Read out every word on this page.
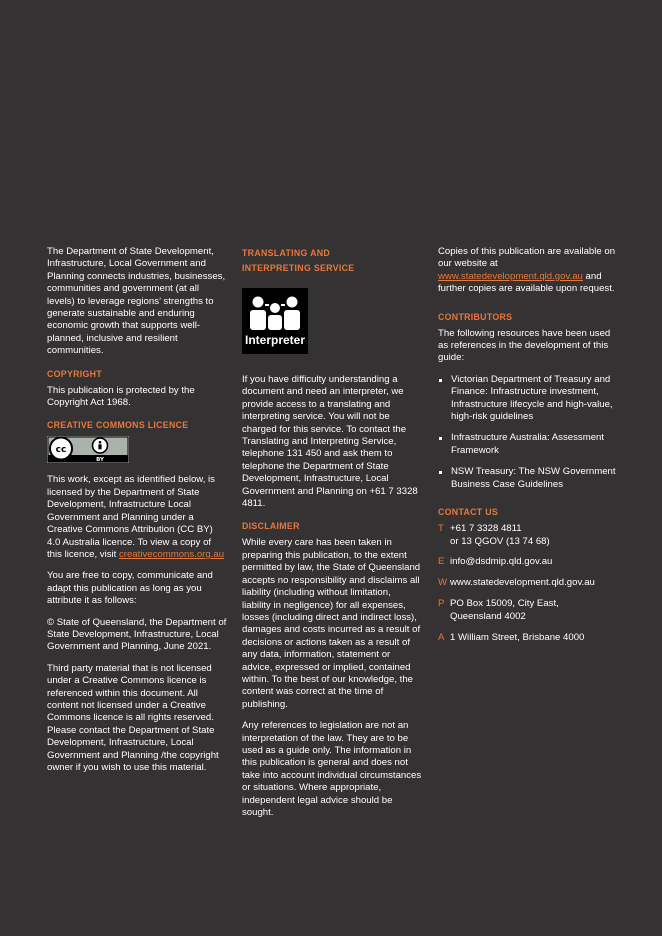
The Department of State Development, Infrastructure, Local Government and Planning connects industries, businesses, communities and government (at all levels) to leverage regions’ strengths to generate sustainable and enduring economic growth that supports well-planned, inclusive and resilient communities.

COPYRIGHT

This publication is protected by the Copyright Act 1968.

CREATIVE COMMONS LICENCE
cc
BY

This work, except as identified below, is licensed by the Department of State Development, Infrastructure Local Government and Planning under a Creative Commons Attribution (CC BY) 4.0 Australia licence. To view a copy of this licence, visit creativecommons.org.au

You are free to copy, communicate and adapt this publication as long as you attribute it as follows:

© State of Queensland, the Department of State Development, Infrastructure, Local Government and Planning, June 2021.

Third party material that is not licensed under a Creative Commons licence is referenced within this document. All content not licensed under a Creative Commons licence is all rights reserved. Please contact the Department of State Development, Infrastructure, Local Government and Planning /the copyright owner if you wish to use this material.

TRANSLATING AND
INTERPRETING SERVICE
Interpreter

If you have difficulty understanding a document and need an interpreter, we provide access to a translating and interpreting service. You will not be charged for this service. To contact the Translating and Interpreting Service, telephone 131 450 and ask them to telephone the Department of State Development, Infrastructure, Local Government and Planning on +61 7 3328 4811.

DISCLAIMER

While every care has been taken in preparing this publication, to the extent permitted by law, the State of Queensland accepts no responsibility and disclaims all liability (including without limitation, liability in negligence) for all expenses, losses (including direct and indirect loss), damages and costs incurred as a result of decisions or actions taken as a result of any data, information, statement or advice, expressed or implied, contained within. To the best of our knowledge, the content was correct at the time of publishing.

Any references to legislation are not an interpretation of the law. They are to be used as a guide only. The information in this publication is general and does not take into account individual circumstances or situations. Where appropriate, independent legal advice should be sought.

Copies of this publication are available on our website at www.statedevelopment.qld.gov.au and further copies are available upon request.

CONTRIBUTORS

The following resources have been used as references in the development of this guide:

Victorian Department of Treasury and Finance: Infrastructure investment, Infrastructure lifecycle and high-value, high-risk guidelines
Infrastructure Australia: Assessment Framework
NSW Treasury: The NSW Government Business Case Guidelines
CONTACT US
T +61 7 3328 4811
or 13 QGOV (13 74 68)
E info@dsdmip.qld.gov.au
W www.statedevelopment.qld.gov.au
P PO Box 15009, City East,
Queensland 4002
A 1 William Street, Brisbane 4000
